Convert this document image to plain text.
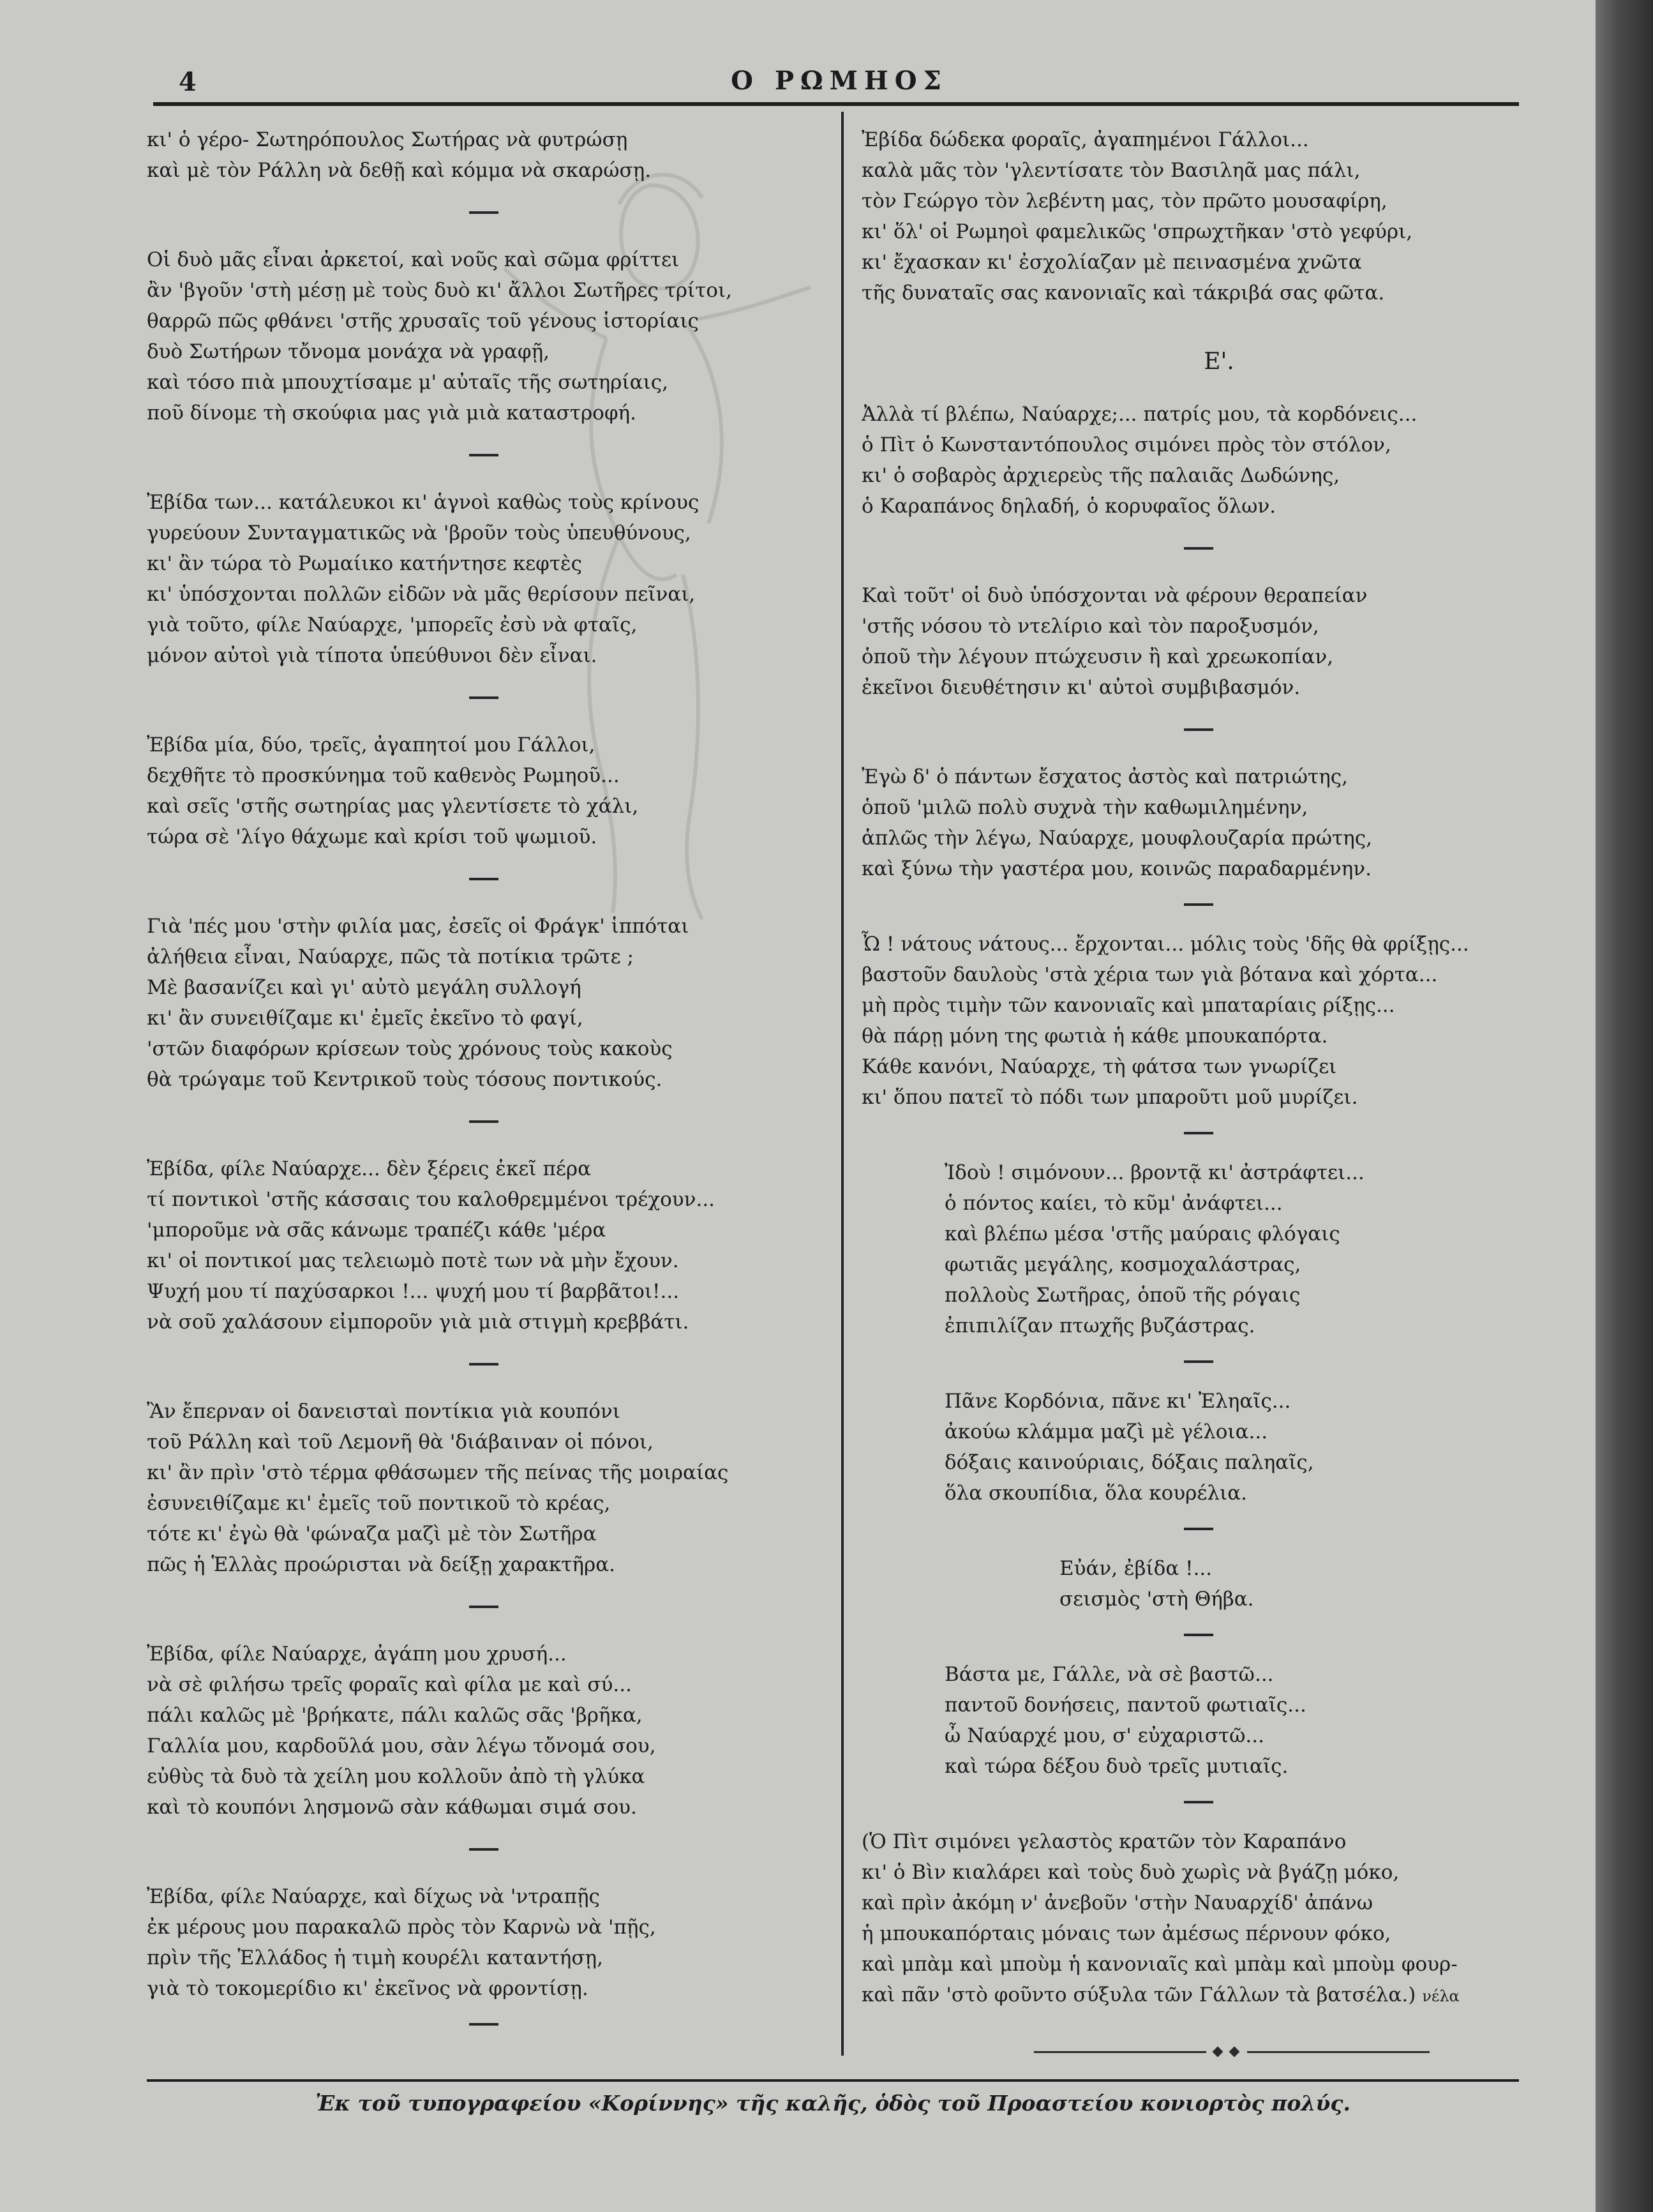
4	Ο ΡΩΜΗΟΣ
κι' ὁ γέρο- Σωτηρόπουλος Σωτήρας νὰ φυτρώσῃ
καὶ μὲ τὸν Ράλλη νὰ δεθῇ καὶ κόμμα νὰ σκαρώσῃ.
Οἱ δυὸ μᾶς εἶναι ἀρκετοί, καὶ νοῦς καὶ σῶμα φρίττει
ἂν 'βγοῦν 'στὴ μέσῃ μὲ τοὺς δυὸ κι' ἄλλοι Σωτῆρες τρίτοι,
θαρρῶ πῶς φθάνει 'στῆς χρυσαῖς τοῦ γένους ἱστορίαις
δυὸ Σωτήρων τὄνομα μονάχα νὰ γραφῇ,
καὶ τόσο πιὰ μπουχτίσαμε μ' αὐταῖς τῆς σωτηρίαις,
ποῦ δίνομε τὴ σκούφια μας γιὰ μιὰ καταστροφή.
Ἐβίδα των... κατάλευκοι κι' ἁγνοὶ καθὼς τοὺς κρίνους
γυρεύουν Συνταγματικῶς νὰ 'βροῦν τοὺς ὑπευθύνους,
κι' ἂν τώρα τὸ Ρωμαίικο κατήντησε κεφτὲς
κι' ὑπόσχονται πολλῶν εἰδῶν νὰ μᾶς θερίσουν πεῖναι,
γιὰ τοῦτο, φίλε Ναύαρχε, 'μπορεῖς ἐσὺ νὰ φταῖς,
μόνον αὐτοὶ γιὰ τίποτα ὑπεύθυνοι δὲν εἶναι.
Ἐβίδα μία, δύο, τρεῖς, ἀγαπητοί μου Γάλλοι,
δεχθῆτε τὸ προσκύνημα τοῦ καθενὸς Ρωμηοῦ...
καὶ σεῖς 'στῆς σωτηρίας μας γλεντίσετε τὸ χάλι,
τώρα σὲ 'λίγο θάχωμε καὶ κρίσι τοῦ ψωμιοῦ.
Γιὰ 'πές μου 'στὴν φιλία μας, ἐσεῖς οἱ Φράγκ' ἱππόται
ἀλήθεια εἶναι, Ναύαρχε, πῶς τὰ ποτίκια τρῶτε ;
Μὲ βασανίζει καὶ γι' αὐτὸ μεγάλη συλλογή
κι' ἂν συνειθίζαμε κι' ἐμεῖς ἐκεῖνο τὸ φαγί,
'στῶν διαφόρων κρίσεων τοὺς χρόνους τοὺς κακοὺς
θὰ τρώγαμε τοῦ Κεντρικοῦ τοὺς τόσους ποντικούς.
Ἐβίδα, φίλε Ναύαρχε... δὲν ξέρεις ἐκεῖ πέρα
τί ποντικοὶ 'στῆς κάσσαις του καλοθρεμμένοι τρέχουν...
'μποροῦμε νὰ σᾶς κάνωμε τραπέζι κάθε 'μέρα
κι' οἱ ποντικοί μας τελειωμὸ ποτὲ των νὰ μὴν ἔχουν.
Ψυχή μου τί παχύσαρκοι !... ψυχή μου τί βαρβᾶτοι!...
νὰ σοῦ χαλάσουν εἰμποροῦν γιὰ μιὰ στιγμὴ κρεββάτι.
Ἂν ἔπερναν οἱ δανεισταὶ ποντίκια γιὰ κουπόνι
τοῦ Ράλλη καὶ τοῦ Λεμονῆ θὰ 'διάβαιναν οἱ πόνοι,
κι' ἂν πρὶν 'στὸ τέρμα φθάσωμεν τῆς πείνας τῆς μοιραίας
ἐσυνειθίζαμε κι' ἐμεῖς τοῦ ποντικοῦ τὸ κρέας,
τότε κι' ἐγὼ θὰ 'φώναζα μαζὶ μὲ τὸν Σωτῆρα
πῶς ἡ Ἑλλὰς προώρισται νὰ δείξῃ χαρακτῆρα.
Ἐβίδα, φίλε Ναύαρχε, ἀγάπη μου χρυσή...
νὰ σὲ φιλήσω τρεῖς φοραῖς καὶ φίλα με καὶ σύ...
πάλι καλῶς μὲ 'βρήκατε, πάλι καλῶς σᾶς 'βρῆκα,
Γαλλία μου, καρδοῦλά μου, σὰν λέγω τὄνομά σου,
εὐθὺς τὰ δυὸ τὰ χείλη μου κολλοῦν ἀπὸ τὴ γλύκα
καὶ τὸ κουπόνι λησμονῶ σὰν κάθωμαι σιμά σου.
Ἐβίδα, φίλε Ναύαρχε, καὶ δίχως νὰ 'ντραπῇς
ἐκ μέρους μου παρακαλῶ πρὸς τὸν Καρνὼ νὰ 'πῇς,
πρὶν τῆς Ἑλλάδος ἡ τιμὴ κουρέλι καταντήσῃ,
γιὰ τὸ τοκομερίδιο κι' ἐκεῖνος νὰ φροντίσῃ.
Ἐβίδα δώδεκα φοραῖς, ἀγαπημένοι Γάλλοι...
καλὰ μᾶς τὸν 'γλεντίσατε τὸν Βασιληᾶ μας πάλι,
τὸν Γεώργο τὸν λεβέντη μας, τὸν πρῶτο μουσαφίρη,
κι' ὅλ' οἱ Ρωμηοὶ φαμελικῶς 'σπρωχτῆκαν 'στὸ γεφύρι,
κι' ἔχασκαν κι' ἐσχολίαζαν μὲ πεινασμένα χνῶτα
τῆς δυναταῖς σας κανονιαῖς καὶ τάκριβά σας φῶτα.
Ε'.
Ἀλλὰ τί βλέπω, Ναύαρχε;... πατρίς μου, τὰ κορδόνεις...
ὁ Πὶτ ὁ Κωνσταντόπουλος σιμόνει πρὸς τὸν στόλον,
κι' ὁ σοβαρὸς ἀρχιερεὺς τῆς παλαιᾶς Δωδώνης,
ὁ Καραπάνος δηλαδή, ὁ κορυφαῖος ὅλων.
Καὶ τοῦτ' οἱ δυὸ ὑπόσχονται νὰ φέρουν θεραπείαν
'στῆς νόσου τὸ ντελίριο καὶ τὸν παροξυσμόν,
ὁποῦ τὴν λέγουν πτώχευσιν ἢ καὶ χρεωκοπίαν,
ἐκεῖνοι διευθέτησιν κι' αὐτοὶ συμβιβασμόν.
Ἐγὼ δ' ὁ πάντων ἔσχατος ἀστὸς καὶ πατριώτης,
ὁποῦ 'μιλῶ πολὺ συχνὰ τὴν καθωμιλημένην,
ἁπλῶς τὴν λέγω, Ναύαρχε, μουφλουζαρία πρώτης,
καὶ ξύνω τὴν γαστέρα μου, κοινῶς παραδαρμένην.
Ὦ ! νάτους νάτους... ἔρχονται... μόλις τοὺς 'δῆς θὰ φρίξῃς...
βαστοῦν δαυλοὺς 'στὰ χέρια των γιὰ βότανα καὶ χόρτα...
μὴ πρὸς τιμὴν τῶν κανονιαῖς καὶ μπαταρίαις ρίξῃς...
θὰ πάρῃ μόνη της φωτιὰ ἡ κάθε μπουκαπόρτα.
Κάθε κανόνι, Ναύαρχε, τὴ φάτσα των γνωρίζει
κι' ὅπου πατεῖ τὸ πόδι των μπαροῦτι μοῦ μυρίζει.
Ἰδοὺ ! σιμόνουν... βροντᾷ κι' ἀστράφτει...
ὁ πόντος καίει, τὸ κῦμ' ἀνάφτει...
καὶ βλέπω μέσα 'στῆς μαύραις φλόγαις
φωτιᾶς μεγάλης, κοσμοχαλάστρας,
πολλοὺς Σωτῆρας, ὁποῦ τῆς ρόγαις
ἐπιπιλίζαν πτωχῆς βυζάστρας.
Πᾶνε Κορδόνια, πᾶνε κι' Ἐληαῖς...
ἀκούω κλάμμα μαζὶ μὲ γέλοια...
δόξαις καινούριαις, δόξαις παληαῖς,
ὅλα σκουπίδια, ὅλα κουρέλια.
Εὐάν, ἐβίδα !...
σεισμὸς 'στὴ Θήβα.
Βάστα με, Γάλλε, νὰ σὲ βαστῶ...
παντοῦ δονήσεις, παντοῦ φωτιαῖς...
ὦ Ναύαρχέ μου, σ' εὐχαριστῶ...
καὶ τώρα δέξου δυὸ τρεῖς μυτιαῖς.
(Ὁ Πὶτ σιμόνει γελαστὸς κρατῶν τὸν Καραπάνο
κι' ὁ Βὶν κιαλάρει καὶ τοὺς δυὸ χωρὶς νὰ βγάζῃ μόκο,
καὶ πρὶν ἀκόμη ν' ἀνεβοῦν 'στὴν Ναυαρχίδ' ἀπάνω
ἡ μπουκαπόρταις μόναις των ἀμέσως πέρνουν φόκο,
καὶ μπὰμ καὶ μποὺμ ἡ κανονιαῖς καὶ μπὰμ καὶ μποὺμ φουρ-
καὶ πᾶν 'στὸ φοῦντο σύξυλα τῶν Γάλλων τὰ βατσέλα.) νέλα
Ἐκ τοῦ τυπογραφείου «Κορίννης» τῆς καλῆς, ὁδὸς τοῦ Προαστείου κονιορτὸς πολύς.
